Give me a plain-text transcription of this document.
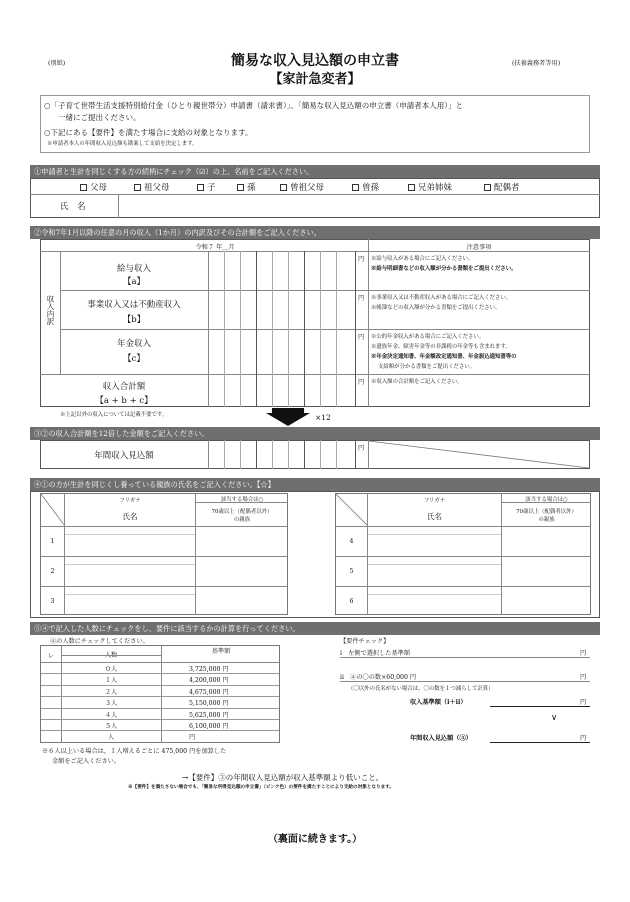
(別紙)	簡易な収入見込額の申立書
【家計急変者】
(扶養義務者等用)
○「子育て世帯生活支援特別給付金（ひとり親世帯分）申請書（請求書）」、「簡易な収入見込額の申立書（申請者本人用）」と
一緒にご提出ください。
○下記にある【要件】を満たす場合に支給の対象となります。
※申請者本人の年間収入見込額も勘案して支給を決定します。
①申請者と生計を同じくする方の続柄にチェック（☑）の上、名前をご記入ください。
父母	祖父母	子	孫	曾祖父母	曽孫	兄弟姉妹	配偶者
氏　名
②令和7年1月以降の任意の月の収入（1か月）の内訳及びその合計額をご記入ください。
令和７ 年＿月	注意事項
収入内訳
給与収入
【a】
円 ※給与収入がある場合にご記入ください。
※給与明細書などの収入額が分かる書類をご提出ください。
事業収入又は不動産収入
【b】
円 ※事業収入又は不動産収入がある場合にご記入ください。
※帳簿などの収入額が分かる書類をご提出ください。
年金収入
【c】
円 ※公的年金収入がある場合にご記入ください。
※遺族年金、障害年金等の非課税の年金等も含まれます。
※年金決定通知書、年金額改定通知書、年金振込通知書等の
支給額が分かる書類をご提出ください。
収入合計額
【a + b + c】
円 ※収入額の合計額をご記入ください。
※上記以外の収入については記載不要です。	×12
③②の収入合計額を12倍した金額をご記入ください。
年間収入見込額
円
④①の方が生計を同じくし養っている親族の氏名をご記入ください。【☆】
フリガナ
氏名
該当する場合は○
70歳以上（配偶者以外）
の親族
1
2
3
フリガナ
氏名
該当する場合は○
70歳以上（配偶者以外）
の親族
4
5
6
⑤④で記入した人数にチェックをし、要件に該当するかの計算を行ってください。
④の人数にチェックしてください。
レ
基準額
０人	3,725,000 円
１人	4,200,000 円
２人	4,675,000 円
３人	5,150,000 円
４人	5,625,000 円
５人	6,100,000 円
人	円
※６人以上いる場合は，１人増えるごとに 475,000 円を加算した
金額をご記入ください。
【要件チェック】
ⅰ　左側で選択した基準額	円
ⅱ　④の〇の数×60,000 円	円
（〇以外の氏名がない場合は、〇の数を１つ減らして計算）
収入基準額（ⅰ＋ⅱ）	円
∨
年間収入見込額（③）	円
→【要件】③の年間収入見込額が収入基準額より低いこと。
※【要件】を満たさない場合でも、「簡易な所得見込額の申立書」（ピンク色）の要件を満たすことにより支給の対象となります。
（裏面に続きます。）
